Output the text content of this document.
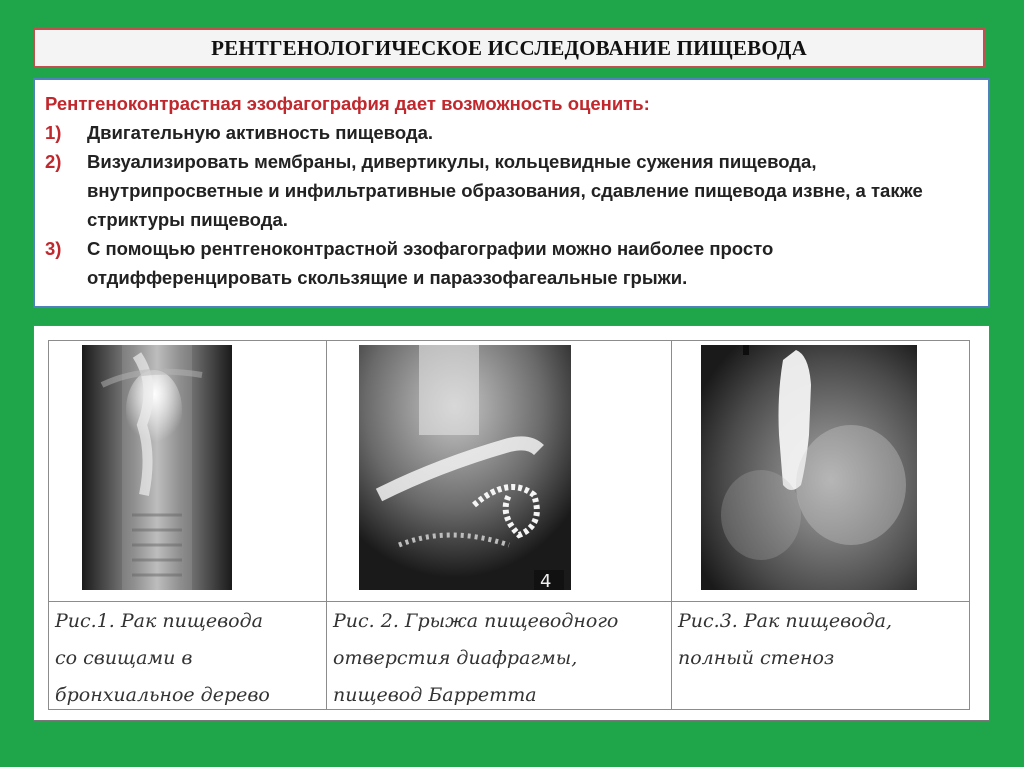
РЕНТГЕНОЛОГИЧЕСКОЕ ИССЛЕДОВАНИЕ ПИЩЕВОДА

Рентгеноконтрастная эзофагография дает возможность оценить:

1)	Двигательную активность пищевода.
2)	Визуализировать мембраны, дивертикулы, кольцевидные сужения пищевода, внутрипросветные и инфильтративные образования, сдавление пищевода извне, а также стриктуры пищевода.
3)	С помощью рентгеноконтрастной эзофагографии можно наиболее просто отдифференцировать скользящие и параэзофагеальные грыжи.
Рис.1. Рак пищевода
со свищами в
бронхиальное дерево
4
Рис. 2. Грыжа пищеводного
отверстия диафрагмы,
пищевод Барретта
Рис.3. Рак пищевода,
полный стеноз
